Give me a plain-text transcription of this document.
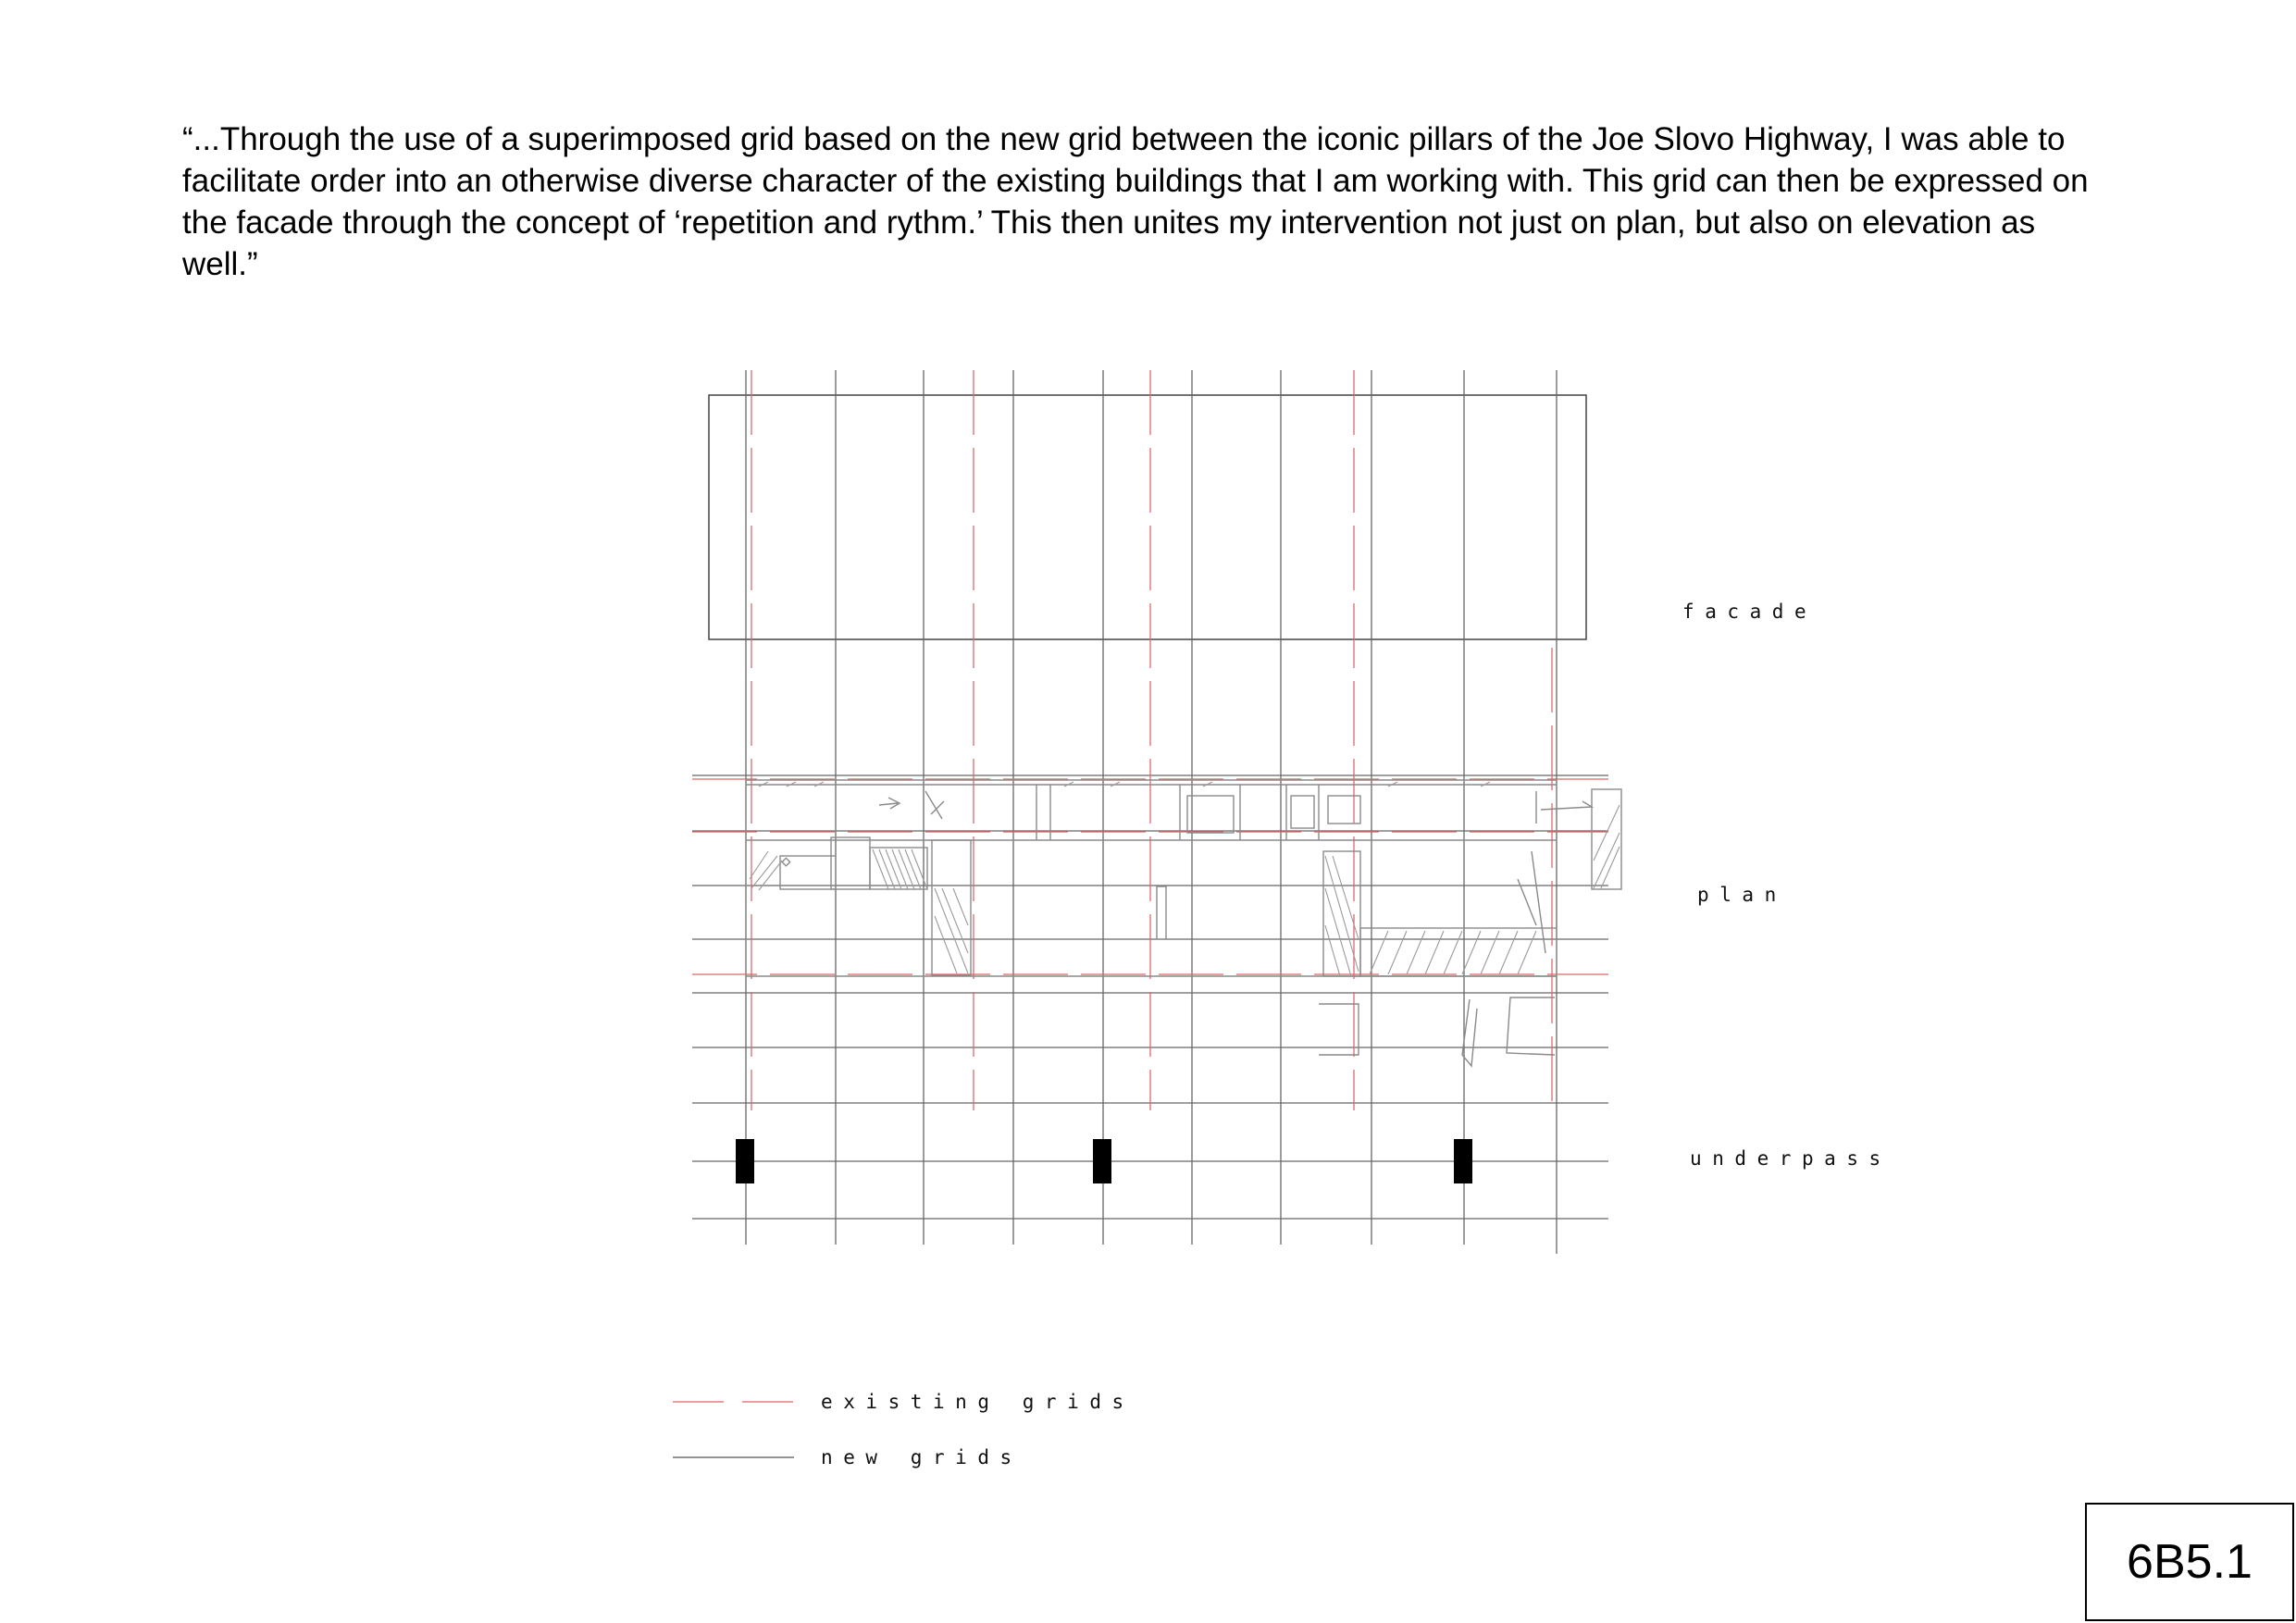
“...Through the use of a superimposed grid based on the new grid between the iconic pillars of the Joe Slovo Highway, I was able to facilitate order into an otherwise diverse character of the existing buildings that I am working with. This grid can then be expressed on the facade through the concept of ‘repetition and rythm.’ This then unites my intervention not just on plan, but also on elevation as well.”

facade
plan
underpass
existing grids
new grids
6B5.1
